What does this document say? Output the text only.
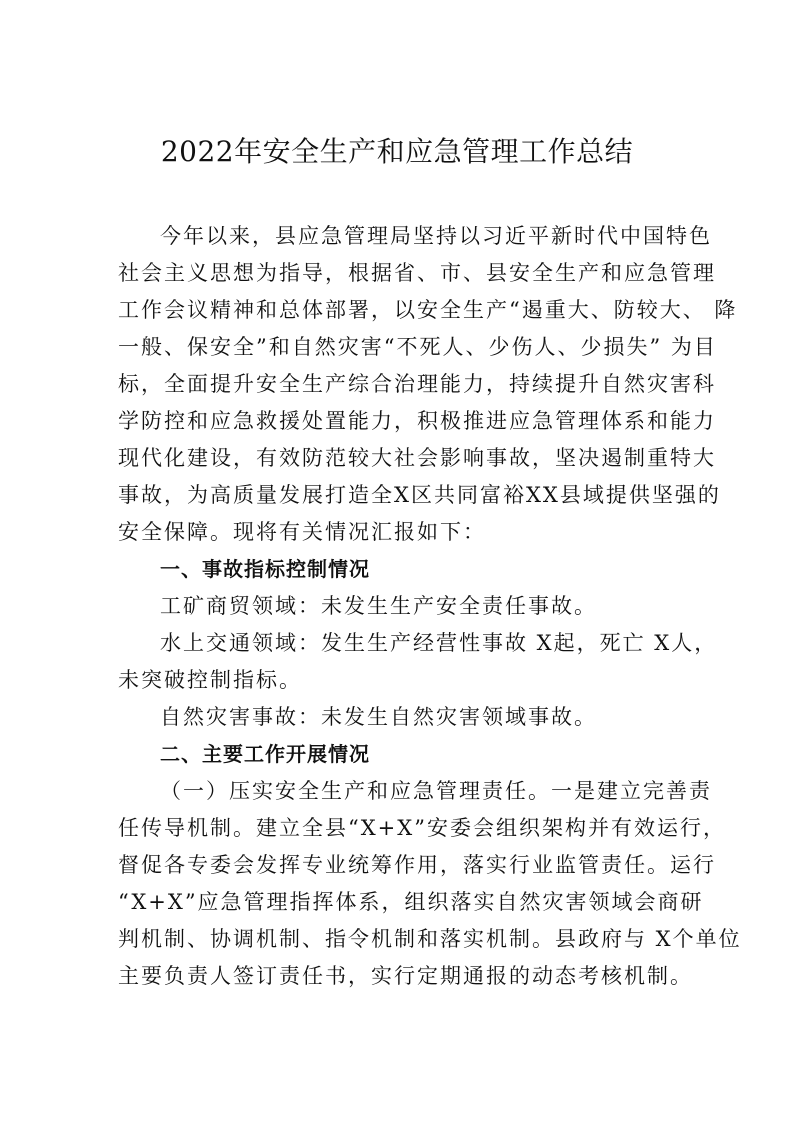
2022年安全生产和应急管理工作总结
今年以来，县应急管理局坚持以习近平新时代中国特色
社会主义思想为指导，根据省、市、县安全生产和应急管理
工作会议精神和总体部署，以安全生产“遏重大、防较大、 降
一般、保安全”和自然灾害“不死人、少伤人、少损失” 为目
标，全面提升安全生产综合治理能力，持续提升自然灾害科
学防控和应急救援处置能力，积极推进应急管理体系和能力
现代化建设，有效防范较大社会影响事故，坚决遏制重特大
事故，为高质量发展打造全X区共同富裕XX县域提供坚强的
安全保障。现将有关情况汇报如下：
一、事故指标控制情况
工矿商贸领域：未发生生产安全责任事故。
水上交通领域：发生生产经营性事故 X起，死亡 X人，
未突破控制指标。
自然灾害事故：未发生自然灾害领域事故。
二、主要工作开展情况
（一）压实安全生产和应急管理责任。一是建立完善责
任传导机制。建立全县“X+X”安委会组织架构并有效运行，
督促各专委会发挥专业统筹作用，落实行业监管责任。运行
“X+X”应急管理指挥体系，组织落实自然灾害领域会商研
判机制、协调机制、指令机制和落实机制。县政府与 X个单位
主要负责人签订责任书，实行定期通报的动态考核机制。
